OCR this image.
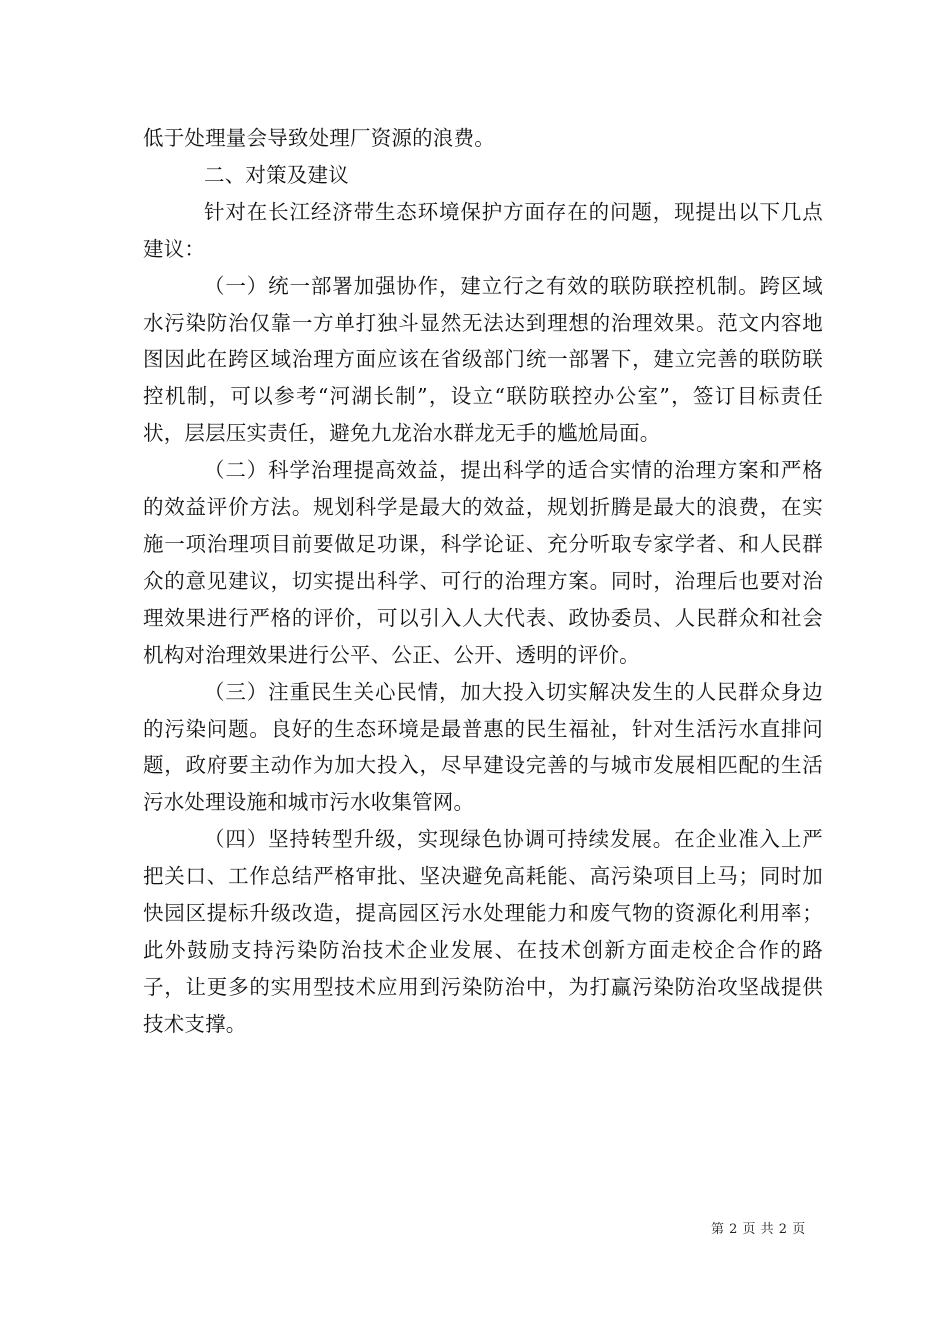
低于处理量会导致处理厂资源的浪费。

二、对策及建议

针对在长江经济带生态环境保护方面存在的问题，现提出以下几点建议：

（一）统一部署加强协作，建立行之有效的联防联控机制。跨区域水污染防治仅靠一方单打独斗显然无法达到理想的治理效果。范文内容地图因此在跨区域治理方面应该在省级部门统一部署下，建立完善的联防联控机制，可以参考“河湖长制”，设立“联防联控办公室”，签订目标责任状，层层压实责任，避免九龙治水群龙无手的尴尬局面。

（二）科学治理提高效益，提出科学的适合实情的治理方案和严格的效益评价方法。规划科学是最大的效益，规划折腾是最大的浪费，在实施一项治理项目前要做足功课，科学论证、充分听取专家学者、和人民群众的意见建议，切实提出科学、可行的治理方案。同时，治理后也要对治理效果进行严格的评价，可以引入人大代表、政协委员、人民群众和社会机构对治理效果进行公平、公正、公开、透明的评价。

（三）注重民生关心民情，加大投入切实解决发生的人民群众身边的污染问题。良好的生态环境是最普惠的民生福祉，针对生活污水直排问题，政府要主动作为加大投入，尽早建设完善的与城市发展相匹配的生活污水处理设施和城市污水收集管网。

（四）坚持转型升级，实现绿色协调可持续发展。在企业准入上严把关口、工作总结严格审批、坚决避免高耗能、高污染项目上马；同时加快园区提标升级改造，提高园区污水处理能力和废气物的资源化利用率；此外鼓励支持污染防治技术企业发展、在技术创新方面走校企合作的路子，让更多的实用型技术应用到污染防治中，为打赢污染防治攻坚战提供技术支撑。

第 2 页 共 2 页
